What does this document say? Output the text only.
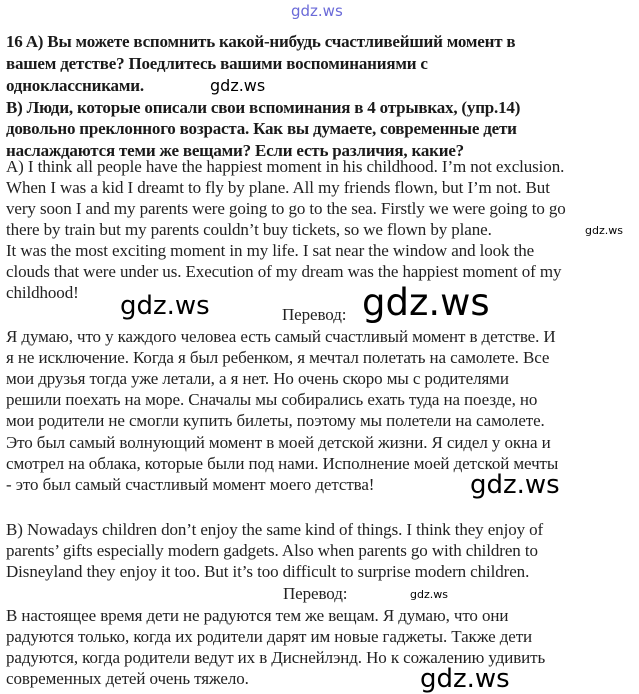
gdz.ws
16 A) Вы можете вспомнить какой-нибудь счастливейший момент в
вашем детстве? Поедлитесь вашими воспоминаниями с
одноклассниками.
B) Люди, которые описали свои вспоминания в 4 отрывках, (упр.14)
довольно преклонного возраста. Как вы думаете, современные дети
наслаждаются теми же вещами? Если есть различия, какие?
gdz.ws
gdz.ws
A) I think all people have the happiest moment in his childhood. I’m not exclusion.
When I was a kid I dreamt to fly by plane. All my friends flown, but I’m not. But
very soon I and my parents were going to go to the sea. Firstly we were going to go
there by train but my parents couldn’t buy tickets, so we flown by plane.
It was the most exciting moment in my life. I sat near the window and look the
clouds that were under us. Execution of my dream was the happiest moment of my
childhood!
Перевод:
Я думаю, что у каждого человеа есть самый счастливый момент в детстве. И
я не исключение. Когда я был ребенком, я мечтал полетать на самолете. Все
мои друзья тогда уже летали, а я нет. Но очень скоро мы с родителями
решили поехать на море. Сначалы мы собирались ехать туда на поезде, но
мои родители не смогли купить билеты, поэтому мы полетели на самолете.
Это был самый волнующий момент в моей детской жизни. Я сидел у окна и
смотрел на облака, которые были под нами. Исполнение моей детской мечты
- это был самый счастливый момент моего детства!
gdz.ws
gdz.ws
gdz.ws
B) Nowadays children don’t enjoy the same kind of things. I think they enjoy of
parents’ gifts especially modern gadgets. Also when parents go with children to
Disneyland they enjoy it too. But it’s too difficult to surprise modern children.
Перевод:
В настоящее время дети не радуются тем же вещам. Я думаю, что они
радуются только, когда их родители дарят им новые гаджеты. Также дети
радуются, когда родители ведут их в Диснейлэнд. Но к сожалению удивить
современных детей очень тяжело.	gdz.ws
gdz.ws
